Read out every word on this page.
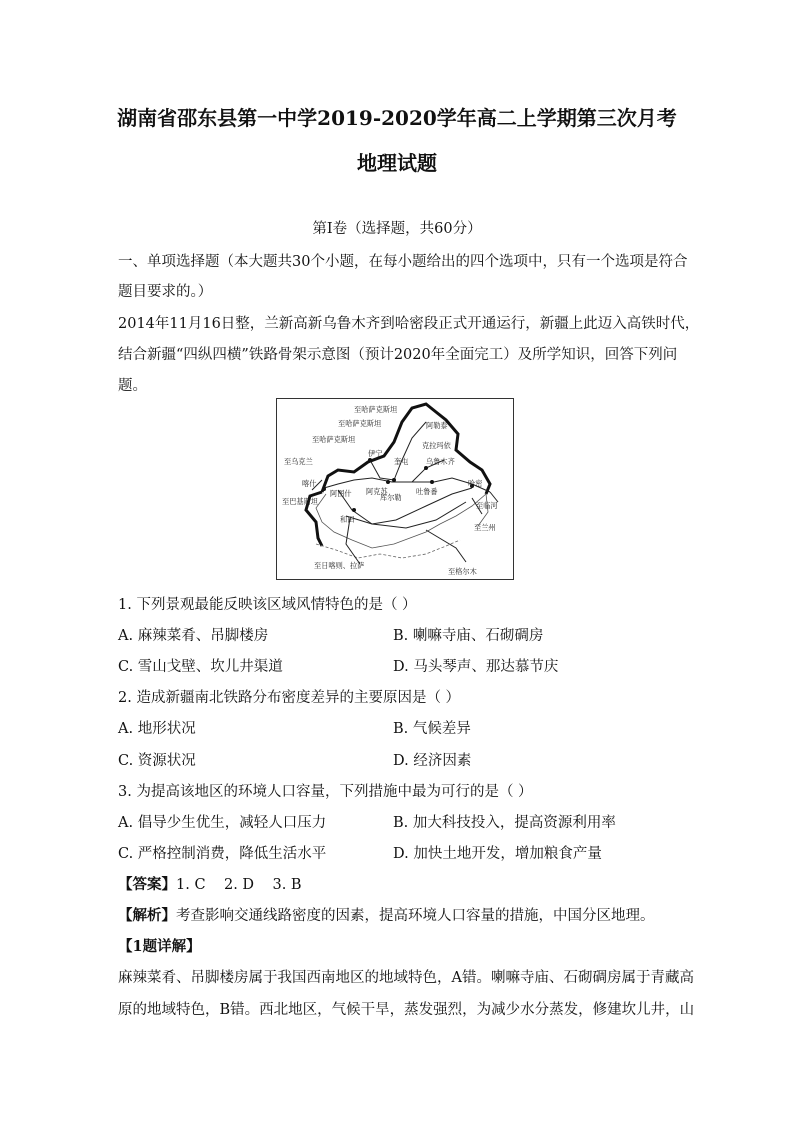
湖南省邵东县第一中学2019-2020学年高二上学期第三次月考
地理试题
第Ⅰ卷（选择题，共60分）
一、单项选择题（本大题共30个小题，在每小题给出的四个选项中，只有一个选项是符合
题目要求的。）
2014年11月16日整，兰新高新乌鲁木齐到哈密段正式开通运行，新疆上此迈入高铁时代，
结合新疆“四纵四横”铁路骨架示意图（预计2020年全面完工）及所学知识，回答下列问
题。
至哈萨克斯坦
至哈萨克斯坦
至哈萨克斯坦
至乌克兰
伊宁
奎屯
阿勒泰
克拉玛依
乌鲁木齐
喀什
阿图什 阿克苏
库尔勒
吐鲁番
哈密
至临河
至兰州
至巴基斯坦
和田
至日喀则、拉萨
至格尔木
1. 下列景观最能反映该区域风情特色的是（ ）
A. 麻辣菜肴、吊脚楼房	B. 喇嘛寺庙、石砌碉房
C. 雪山戈壁、坎儿井渠道	D. 马头琴声、那达慕节庆
2. 造成新疆南北铁路分布密度差异的主要原因是（ ）
A. 地形状况	B. 气候差异
C. 资源状况	D. 经济因素
3. 为提高该地区的环境人口容量，下列措施中最为可行的是（ ）
A. 倡导少生优生，减轻人口压力	B. 加大科技投入，提高资源利用率
C. 严格控制消费，降低生活水平	D. 加快土地开发，增加粮食产量
【答案】1. C    2. D    3. B
【解析】考查影响交通线路密度的因素，提高环境人口容量的措施，中国分区地理。
【1题详解】
麻辣菜肴、吊脚楼房属于我国西南地区的地域特色，A错。喇嘛寺庙、石砌碉房属于青藏高
原的地域特色，B错。西北地区，气候干旱，蒸发强烈，为减少水分蒸发，修建坎儿井，山
